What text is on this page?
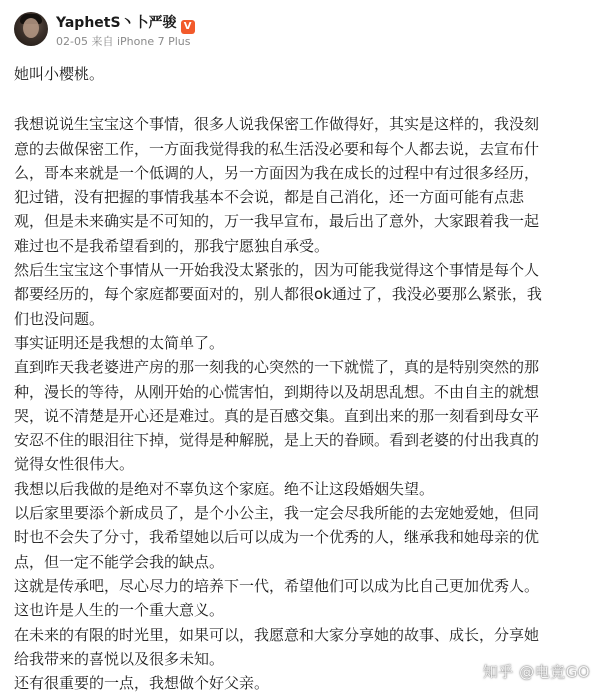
YaphetS丶卜严骏 V
02-05 来自 iPhone 7 Plus

她叫小樱桃。

我想说说生宝宝这个事情，很多人说我保密工作做得好，其实是这样的，我没刻

意的去做保密工作，一方面我觉得我的私生活没必要和每个人都去说，去宣布什

么，哥本来就是一个低调的人，另一方面因为我在成长的过程中有过很多经历，

犯过错，没有把握的事情我基本不会说，都是自己消化，还一方面可能有点悲

观，但是未来确实是不可知的，万一我早宣布，最后出了意外，大家跟着我一起

难过也不是我希望看到的，那我宁愿独自承受。

然后生宝宝这个事情从一开始我没太紧张的，因为可能我觉得这个事情是每个人

都要经历的，每个家庭都要面对的，别人都很ok通过了，我没必要那么紧张，我

们也没问题。

事实证明还是我想的太简单了。

直到昨天我老婆进产房的那一刻我的心突然的一下就慌了，真的是特别突然的那

种，漫长的等待，从刚开始的心慌害怕，到期待以及胡思乱想。不由自主的就想

哭，说不清楚是开心还是难过。真的是百感交集。直到出来的那一刻看到母女平

安忍不住的眼泪往下掉，觉得是种解脱，是上天的眷顾。看到老婆的付出我真的

觉得女性很伟大。

我想以后我做的是绝对不辜负这个家庭。绝不让这段婚姻失望。

以后家里要添个新成员了，是个小公主，我一定会尽我所能的去宠她爱她，但同

时也不会失了分寸，我希望她以后可以成为一个优秀的人，继承我和她母亲的优

点，但一定不能学会我的缺点。

这就是传承吧，尽心尽力的培养下一代，希望他们可以成为比自己更加优秀人。

这也许是人生的一个重大意义。

在未来的有限的时光里，如果可以，我愿意和大家分享她的故事、成长，分享她

给我带来的喜悦以及很多未知。

还有很重要的一点，我想做个好父亲。

知乎 @电竞GO
